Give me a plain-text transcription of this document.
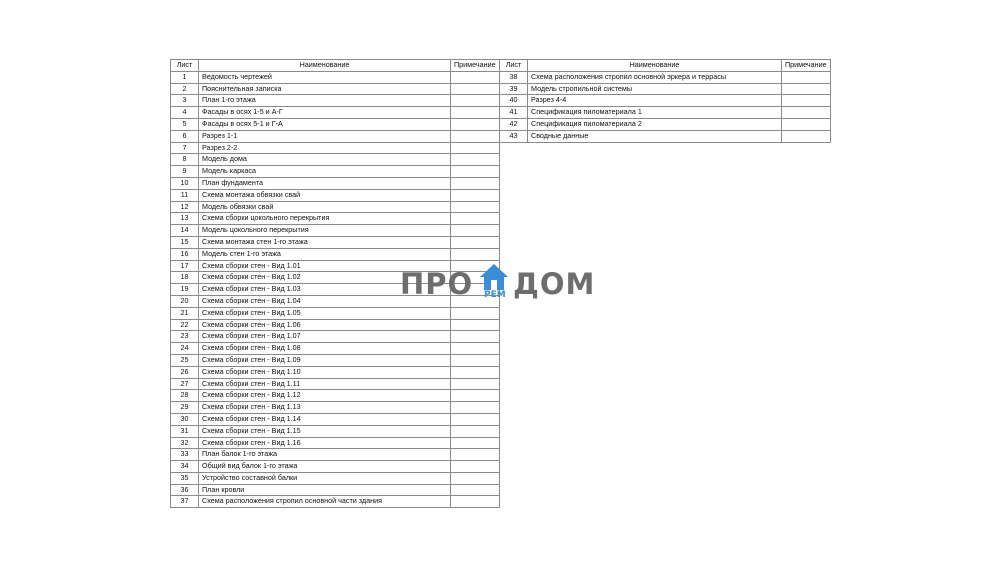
Лист	Наименование	Примечание
1	Ведомость чертежей	
2	Пояснительная записка	
3	План 1-го этажа	
4	Фасады в осях 1-5 и А-Г	
5	Фасады в осях 5-1 и Г-А	
6	Разрез 1-1	
7	Разрез 2-2	
8	Модель дома	
9	Модель каркаса	
10	План фундамента	
11	Схема монтажа обвязки свай	
12	Модель обвязки свай	
13	Схема сборки цокольного перекрытия	
14	Модель цокольного перекрытия	
15	Схема монтажа стен 1-го этажа	
16	Модель стен 1-го этажа	
17	Схема сборки стен - Вид 1.01	
18	Схема сборки стен - Вид 1.02	
19	Схема сборки стен - Вид 1.03	
20	Схема сборки стен - Вид 1.04	
21	Схема сборки стен - Вид 1.05	
22	Схема сборки стен - Вид 1.06	
23	Схема сборки стен - Вид 1.07	
24	Схема сборки стен - Вид 1.08	
25	Схема сборки стен - Вид 1.09	
26	Схема сборки стен - Вид 1.10	
27	Схема сборки стен - Вид 1.11	
28	Схема сборки стен - Вид 1.12	
29	Схема сборки стен - Вид 1.13	
30	Схема сборки стен - Вид 1.14	
31	Схема сборки стен - Вид 1.15	
32	Схема сборки стен - Вид 1.16	
33	План балок 1-го этажа	
34	Общий вид балок 1-го этажа	
35	Устройство составной балки	
36	План кровли	
37	Схема расположения стропил основной части здания	
Лист	Наименование	Примечание
38	Схема расположения стропил основной эркера и террасы	
39	Модель стропильной системы	
40	Разрез 4-4	
41	Спецификация пиломатериала 1	
42	Спецификация пиломатериала 2	
43	Сводные данные	
ПРО РЕМ ДОМ
